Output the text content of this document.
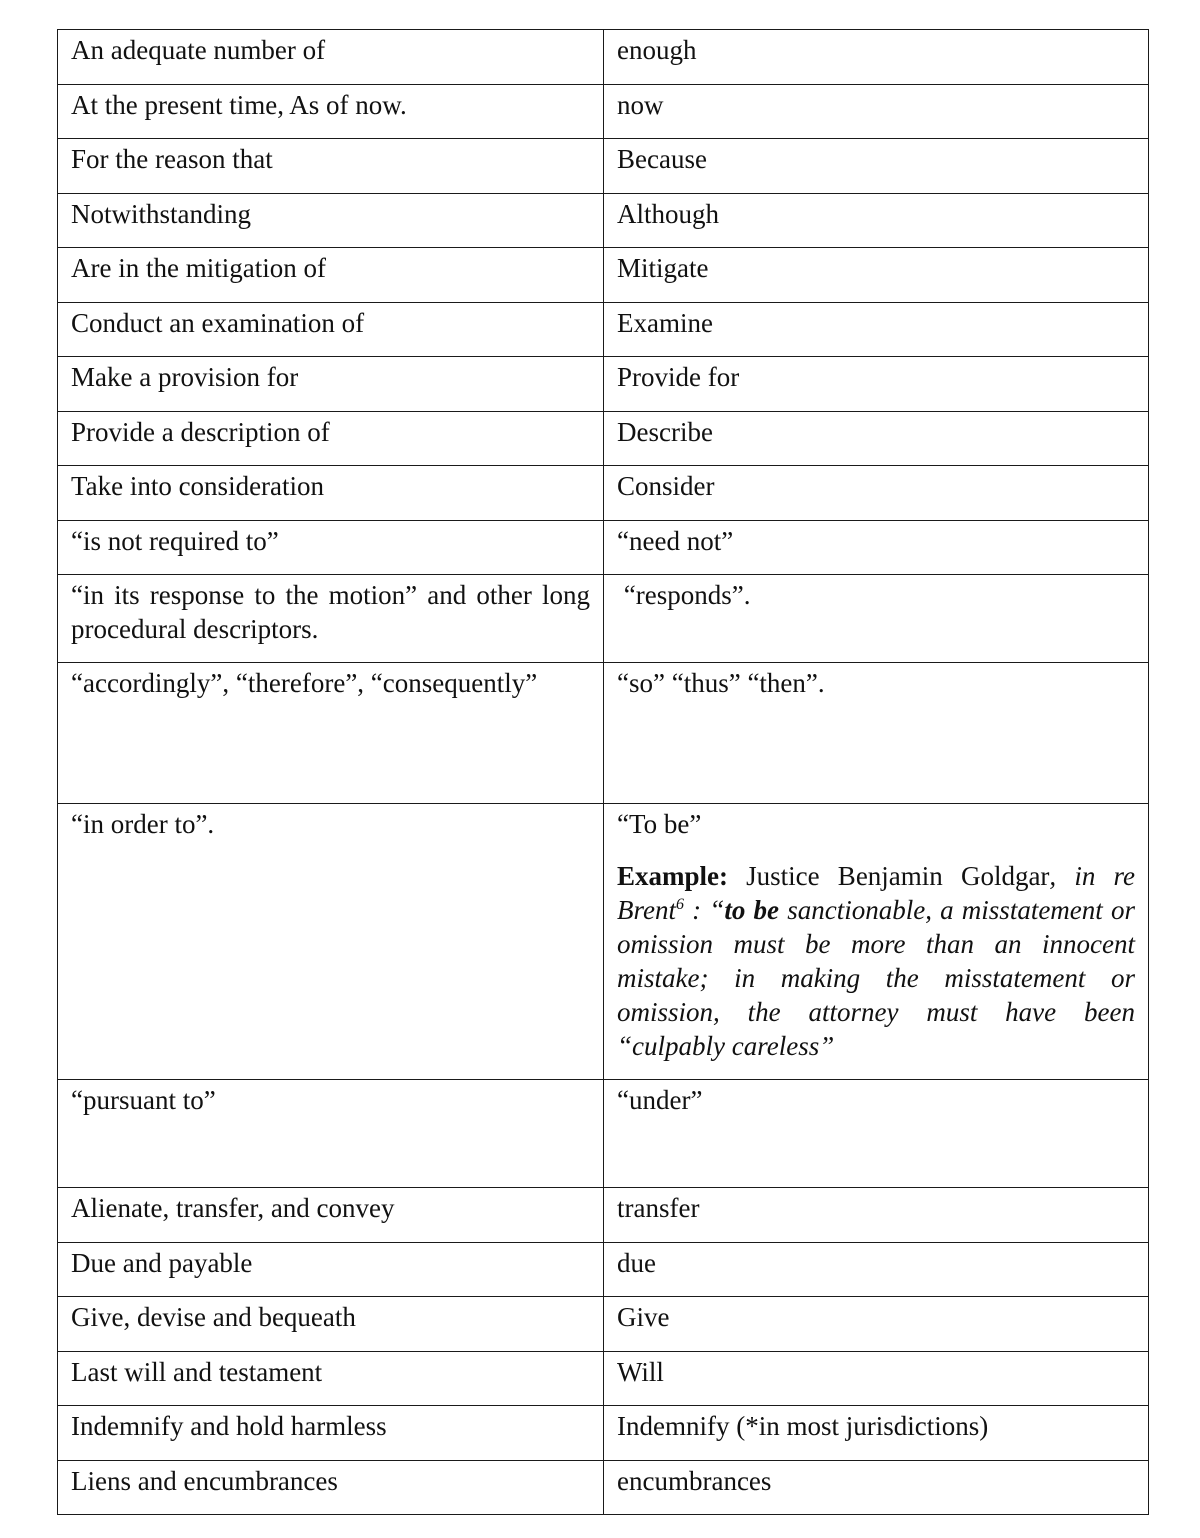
An adequate number of	enough
At the present time, As of now.	now
For the reason that	Because
Notwithstanding	Although
Are in the mitigation of	Mitigate
Conduct an examination of	Examine
Make a provision for	Provide for
Provide a description of	Describe
Take into consideration	Consider
“is not required to”	“need not”

“in its response to the motion” and other long procedural descriptors.	“responds”.

“accordingly”, “therefore”, “consequently”	“so” “thus” “then”.
“in order to”.	“To be”
Example: Justice Benjamin Goldgar, in re Brent$^6$ : “to be sanctionable, a misstatement or omission must be more than an innocent mistake; in making the misstatement or omission, the attorney must have been “culpably careless”

“pursuant to”	“under”
Alienate, transfer, and convey	transfer
Due and payable	due
Give, devise and bequeath	Give
Last will and testament	Will
Indemnify and hold harmless	Indemnify (*in most jurisdictions)
Liens and encumbrances	encumbrances
